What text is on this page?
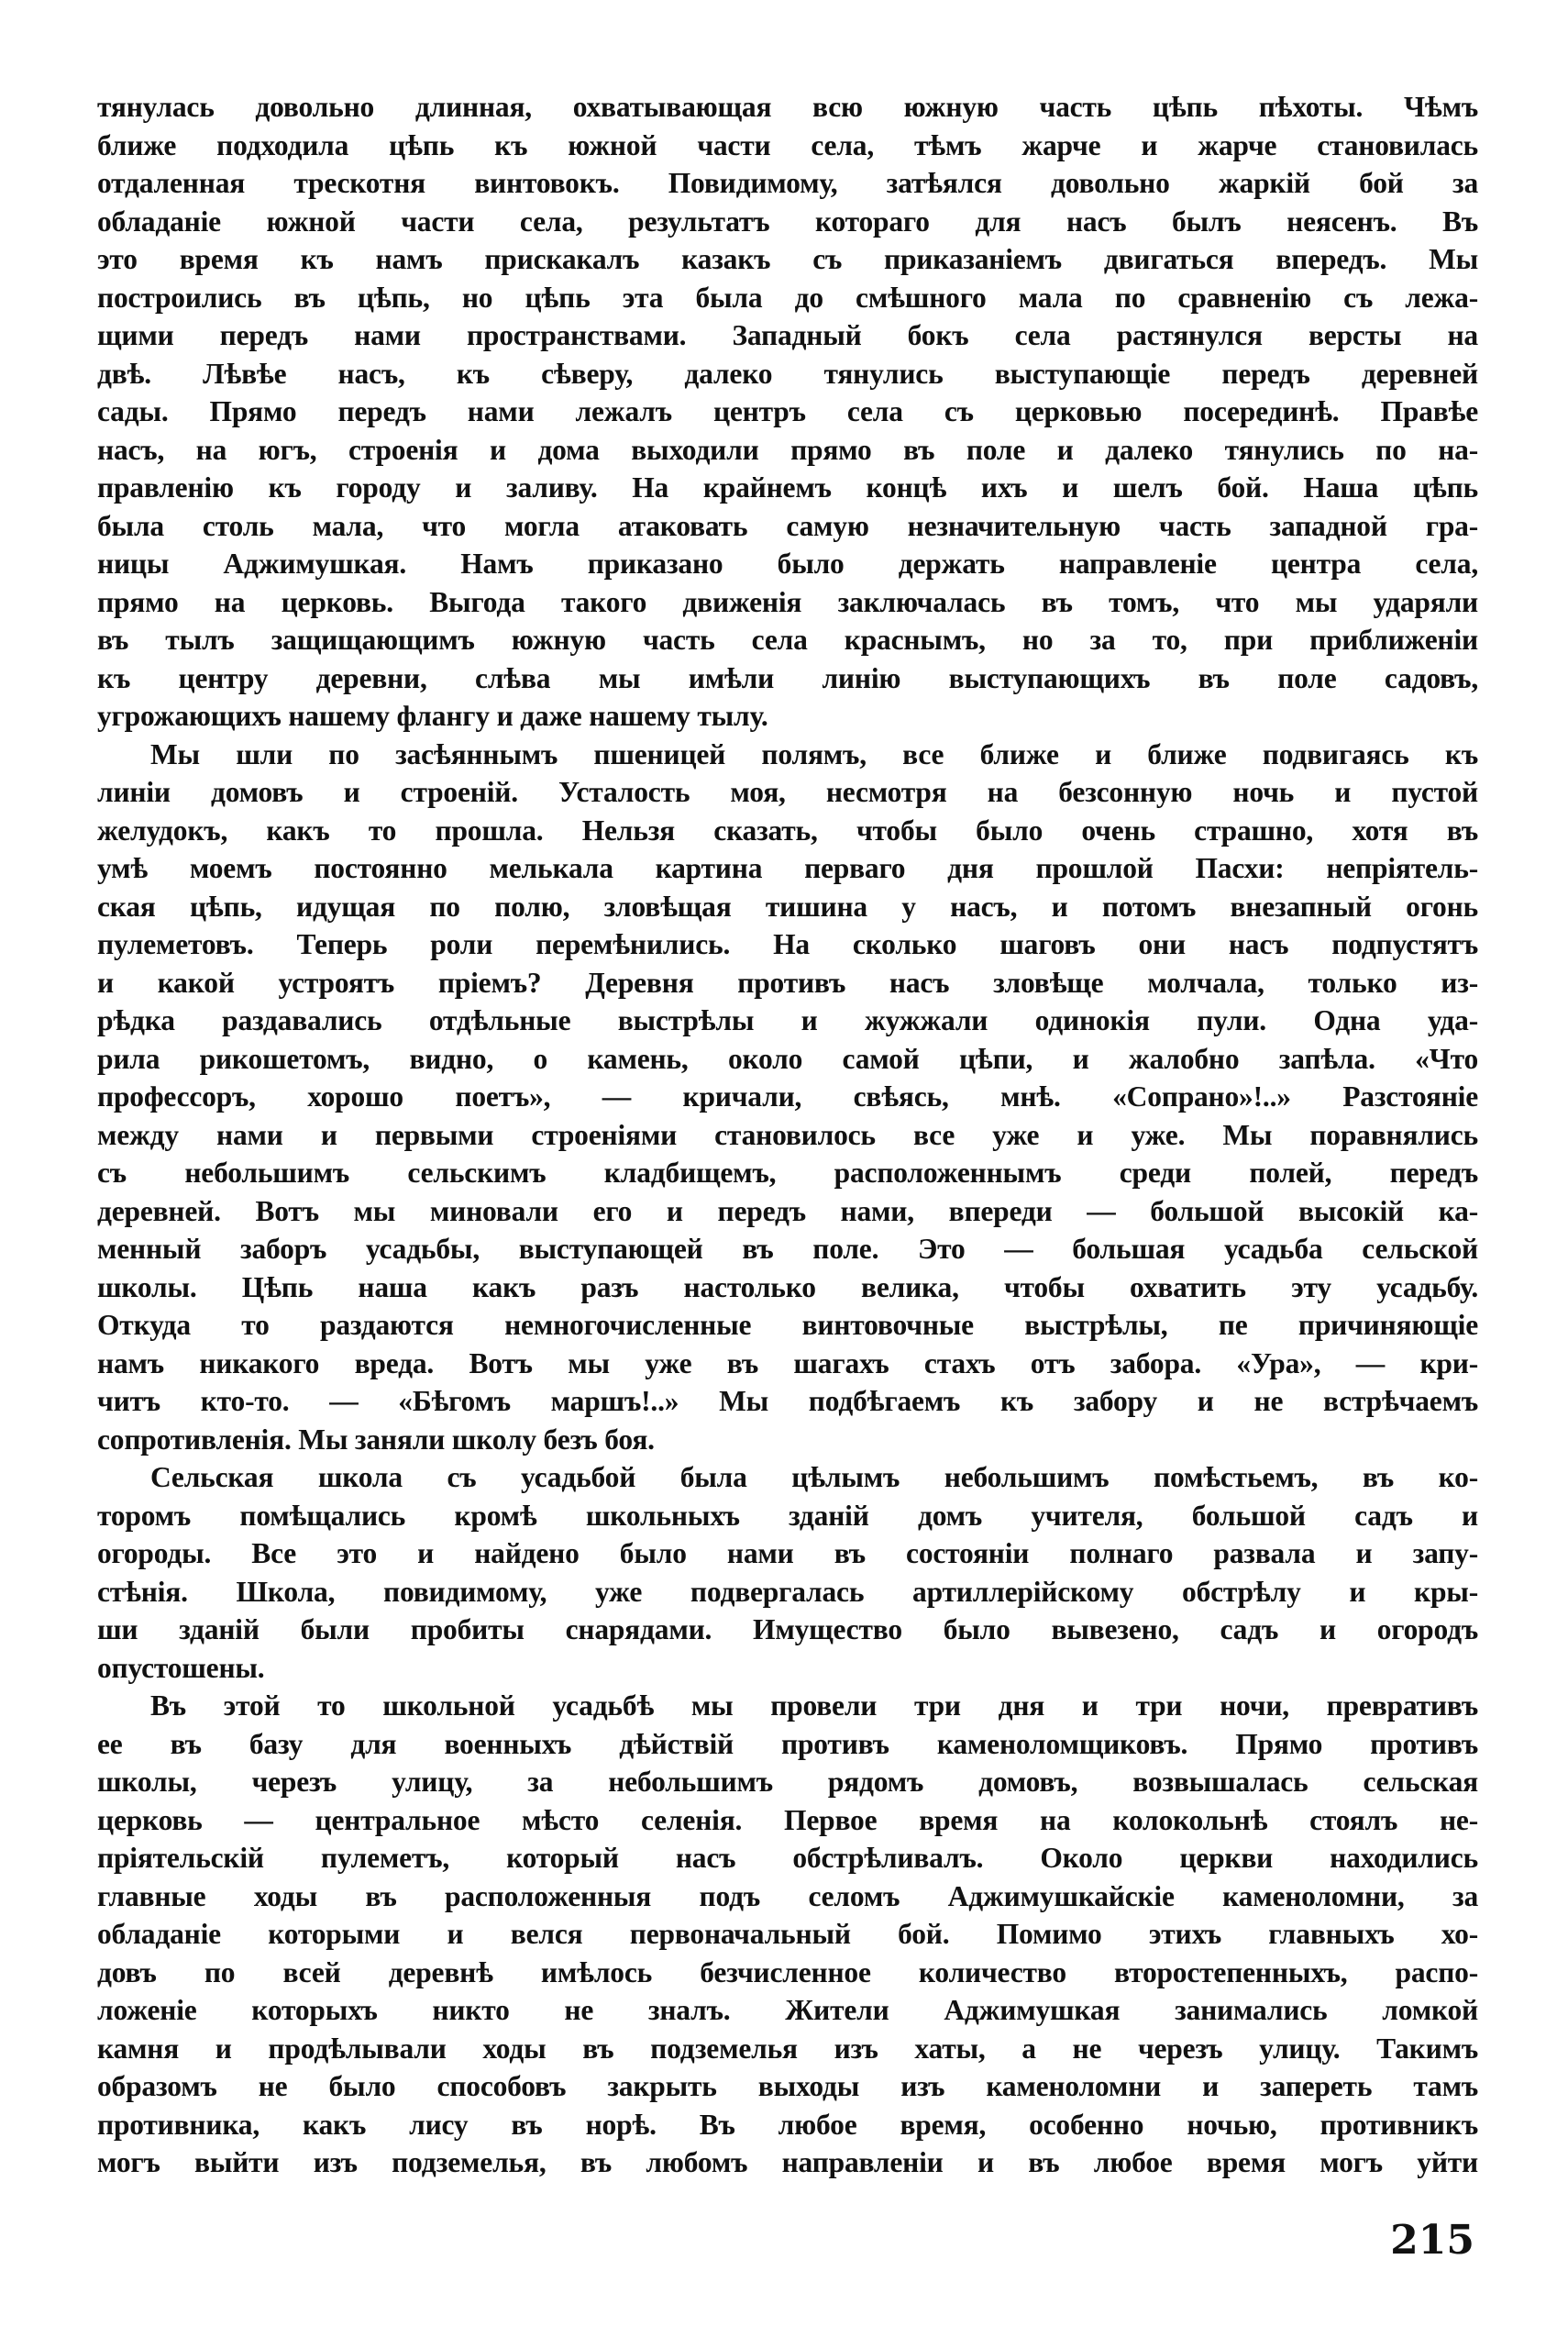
тянулась довольно длинная, охватывающая всю южную часть цѣпь пѣхоты. Чѣмъ
ближе подходила цѣпь къ южной части села, тѣмъ жарче и жарче становилась
отдаленная трескотня винтовокъ. Повидимому, затѣялся довольно жаркій бой за
обладаніе южной части села, результатъ котораго для насъ былъ неясенъ. Въ
это время къ намъ прискакалъ казакъ съ приказаніемъ двигаться впередъ. Мы
построились въ цѣпь, но цѣпь эта была до смѣшного мала по сравненію съ лежа-
щими передъ нами пространствами. Западный бокъ села растянулся версты на
двѣ. Лѣвѣе насъ, къ сѣверу, далеко тянулись выступающіе передъ деревней
сады. Прямо передъ нами лежалъ центръ села съ церковью посерединѣ. Правѣе
насъ, на югъ, строенія и дома выходили прямо въ поле и далеко тянулись по на-
правленію къ городу и заливу. На крайнемъ концѣ ихъ и шелъ бой. Наша цѣпь
была столь мала, что могла атаковать самую незначительную часть западной гра-
ницы Аджимушкая. Намъ приказано было держать направленіе центра села,
прямо на церковь. Выгода такого движенія заключалась въ томъ, что мы ударяли
въ тылъ защищающимъ южную часть села краснымъ, но за то, при приближеніи
къ центру деревни, слѣва мы имѣли линію выступающихъ въ поле садовъ,
угрожающихъ нашему флангу и даже нашему тылу.
Мы шли по засѣяннымъ пшеницей полямъ, все ближе и ближе подвигаясь къ
линіи домовъ и строеній. Усталость моя, несмотря на безсонную ночь и пустой
желудокъ, какъ то прошла. Нельзя сказать, чтобы было очень страшно, хотя въ
умѣ моемъ постоянно мелькала картина перваго дня прошлой Пасхи: непріятель-
ская цѣпь, идущая по полю, зловѣщая тишина у насъ, и потомъ внезапный огонь
пулеметовъ. Теперь роли перемѣнились. На сколько шаговъ они насъ подпустятъ
и какой устроятъ пріемъ? Деревня противъ насъ зловѣще молчала, только из-
рѣдка раздавались отдѣльные выстрѣлы и жужжали одинокія пули. Одна уда-
рила рикошетомъ, видно, о камень, около самой цѣпи, и жалобно запѣла. «Что
профессоръ, хорошо поетъ», — кричали, свѣясь, мнѣ. «Сопрано»!..» Разстояніе
между нами и первыми строеніями становилось все уже и уже. Мы поравнялись
съ небольшимъ сельскимъ кладбищемъ, расположеннымъ среди полей, передъ
деревней. Вотъ мы миновали его и передъ нами, впереди — большой высокій ка-
менный заборъ усадьбы, выступающей въ поле. Это — большая усадьба сельской
школы. Цѣпь наша какъ разъ настолько велика, чтобы охватить эту усадьбу.
Откуда то раздаются немногочисленные винтовочные выстрѣлы, пе причиняющіе
намъ никакого вреда. Вотъ мы уже въ шагахъ стахъ отъ забора. «Ура», — кри-
читъ кто-то. — «Бѣгомъ маршъ!..» Мы подбѣгаемъ къ забору и не встрѣчаемъ
сопротивленія. Мы заняли школу безъ боя.
Сельская школа съ усадьбой была цѣлымъ небольшимъ помѣстьемъ, въ ко-
торомъ помѣщались кромѣ школьныхъ зданій домъ учителя, большой садъ и
огороды. Все это и найдено было нами въ состояніи полнаго развала и запу-
стѣнія. Школа, повидимому, уже подвергалась артиллерійскому обстрѣлу и кры-
ши зданій были пробиты снарядами. Имущество было вывезено, садъ и огородъ
опустошены.
Въ этой то школьной усадьбѣ мы провели три дня и три ночи, превративъ
ее въ базу для военныхъ дѣйствій противъ каменоломщиковъ. Прямо противъ
школы, черезъ улицу, за небольшимъ рядомъ домовъ, возвышалась сельская
церковь — центральное мѣсто селенія. Первое время на колокольнѣ стоялъ не-
пріятельскій пулеметъ, который насъ обстрѣливалъ. Около церкви находились
главные ходы въ расположенныя подъ селомъ Аджимушкайскіе каменоломни, за
обладаніе которыми и велся первоначальный бой. Помимо этихъ главныхъ хо-
довъ по всей деревнѣ имѣлось безчисленное количество второстепенныхъ, распо-
ложеніе которыхъ никто не зналъ. Жители Аджимушкая занимались ломкой
камня и продѣлывали ходы въ подземелья изъ хаты, а не черезъ улицу. Такимъ
образомъ не было способовъ закрыть выходы изъ каменоломни и запереть тамъ
противника, какъ лису въ норѣ. Въ любое время, особенно ночью, противникъ
могъ выйти изъ подземелья, въ любомъ направленіи и въ любое время могъ уйти
215
